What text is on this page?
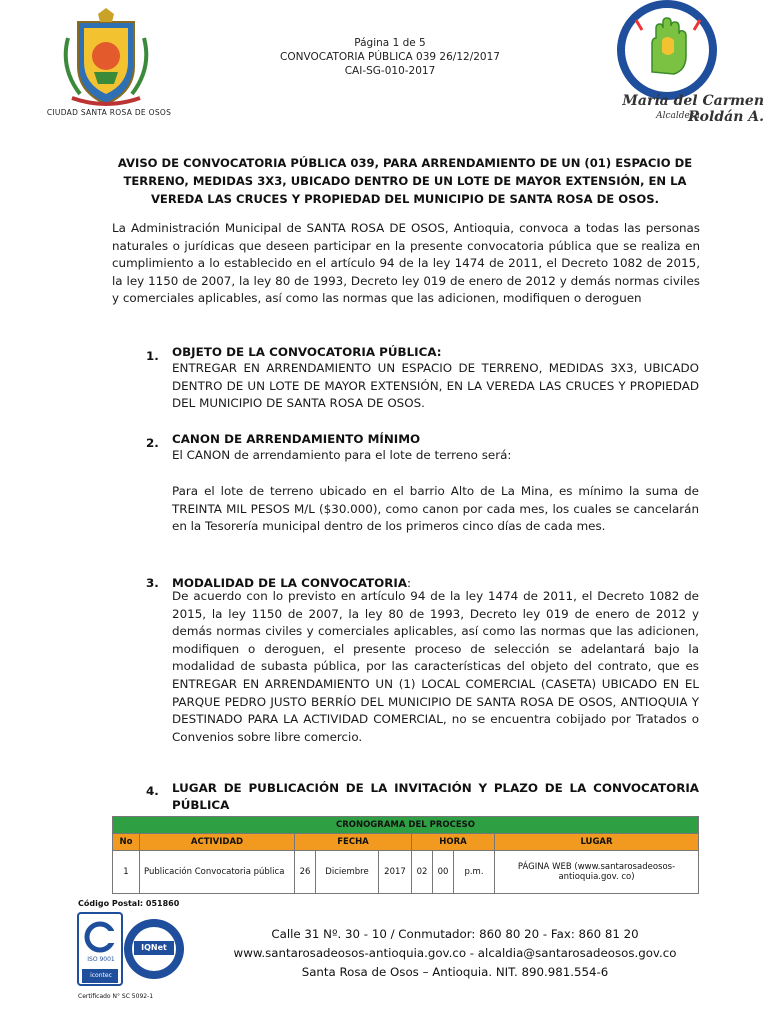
CIUDAD SANTA ROSA DE OSOS
Página 1 de 5
CONVOCATORIA PÚBLICA 039 26/12/2017
CAI-SG-010-2017
María del Carmen Roldán A.
Alcaldesa
AVISO DE CONVOCATORIA PÚBLICA 039, PARA ARRENDAMIENTO DE UN (01) ESPACIO DE TERRENO, MEDIDAS 3X3, UBICADO DENTRO DE UN LOTE DE MAYOR EXTENSIÓN, EN LA VEREDA LAS CRUCES Y PROPIEDAD DEL MUNICIPIO DE SANTA ROSA DE OSOS.
La Administración Municipal de SANTA ROSA DE OSOS, Antioquia, convoca a todas las personas naturales o jurídicas que deseen participar en la presente convocatoria pública que se realiza en cumplimiento a lo establecido en el artículo 94 de la ley 1474 de 2011, el Decreto 1082 de 2015, la ley 1150 de 2007, la ley 80 de 1993, Decreto ley 019 de enero de 2012 y demás normas civiles y comerciales aplicables, así como las normas que las adicionen, modifiquen o deroguen
1. OBJETO DE LA CONVOCATORIA PÚBLICA:
ENTREGAR EN ARRENDAMIENTO UN ESPACIO DE TERRENO, MEDIDAS 3X3, UBICADO DENTRO DE UN LOTE DE MAYOR EXTENSIÓN, EN LA VEREDA LAS CRUCES Y PROPIEDAD DEL MUNICIPIO DE SANTA ROSA DE OSOS.
2. CANON DE ARRENDAMIENTO MÍNIMO
El CANON de arrendamiento para el lote de terreno será:
Para el lote de terreno ubicado en el barrio Alto de La Mina, es mínimo la suma de TREINTA MIL PESOS M/L ($30.000), como canon por cada mes, los cuales se cancelarán en la Tesorería municipal dentro de los primeros cinco días de cada mes.
3. MODALIDAD DE LA CONVOCATORIA:
De acuerdo con lo previsto en artículo 94 de la ley 1474 de 2011, el Decreto 1082 de 2015, la ley 1150 de 2007, la ley 80 de 1993, Decreto ley 019 de enero de 2012 y demás normas civiles y comerciales aplicables, así como las normas que las adicionen, modifiquen o deroguen, el presente proceso de selección se adelantará bajo la modalidad de subasta pública, por las características del objeto del contrato, que es ENTREGAR EN ARRENDAMIENTO UN (1) LOCAL COMERCIAL (CASETA) UBICADO EN EL PARQUE PEDRO JUSTO BERRÍO DEL MUNICIPIO DE SANTA ROSA DE OSOS, ANTIOQUIA Y DESTINADO PARA LA ACTIVIDAD COMERCIAL, no se encuentra cobijado por Tratados o Convenios sobre libre comercio.
4. LUGAR DE PUBLICACIÓN DE LA INVITACIÓN Y PLAZO DE LA CONVOCATORIA PÚBLICA
CRONOGRAMA DEL PROCESO								
No	ACTIVIDAD	FECHA			HORA			LUGAR
1	Publicación Convocatoria pública	26	Diciembre	2017	02	00	p.m.	PÁGINA WEB (www.santarosadeosos-antioquia.gov. co)
Código Postal: 051860
ISO 9001
icontec
IQNet
Certificado N° SC 5092-1
Calle 31 Nº. 30 - 10 / Conmutador: 860 80 20 - Fax: 860 81 20
www.santarosadeosos-antioquia.gov.co - alcaldia@santarosadeosos.gov.co
Santa Rosa de Osos – Antioquia. NIT. 890.981.554-6
